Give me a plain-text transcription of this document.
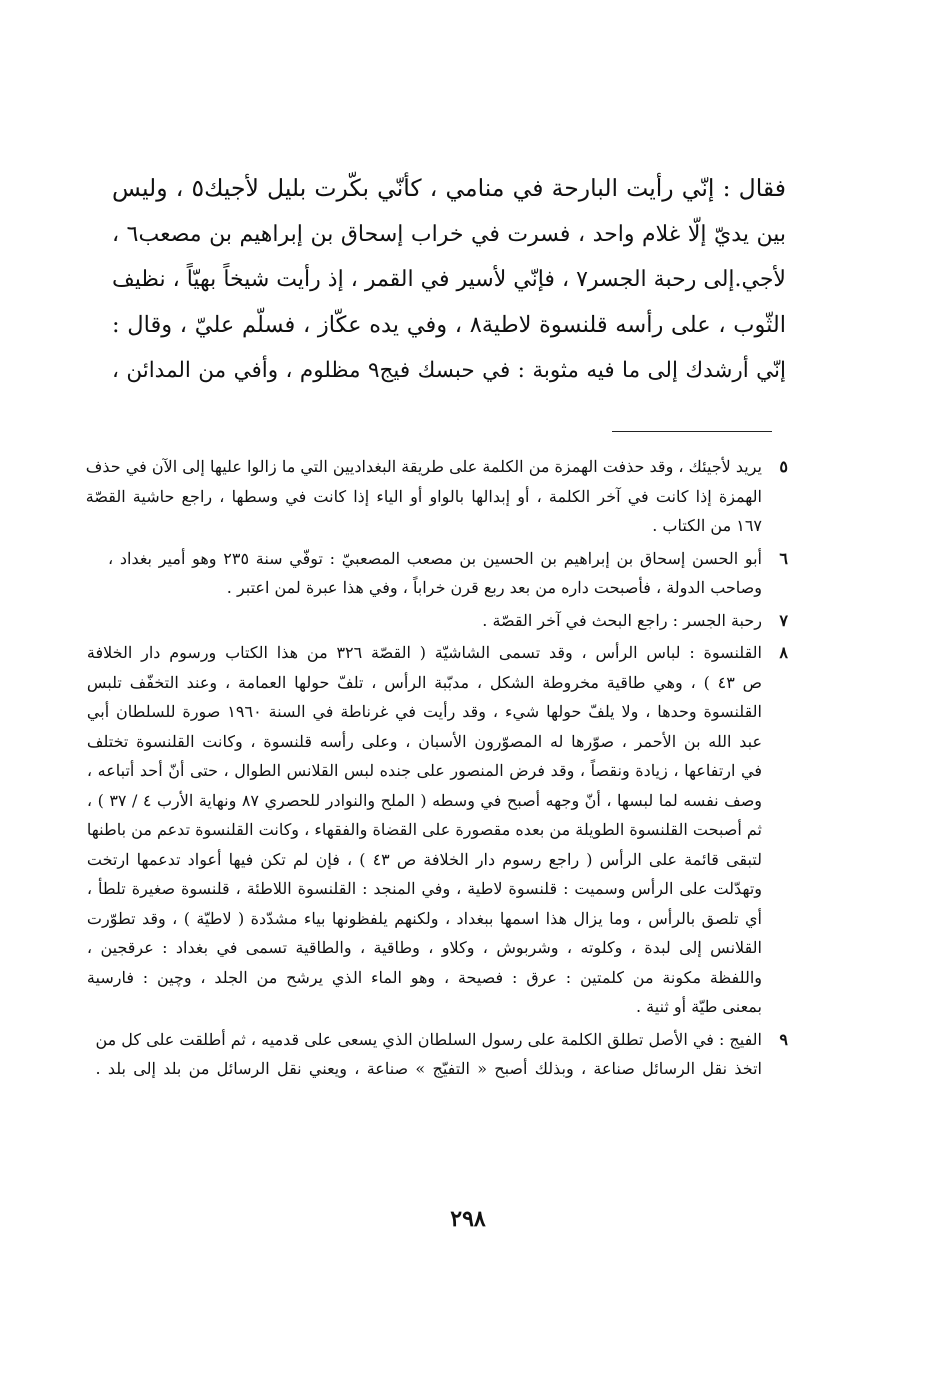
فقال : إنّي رأيت البارحة في منامي ، كأنّي بكّرت بليل لأجيك٥ ، وليس
بين يديّ إلّا غلام واحد ، فسرت في خراب إسحاق بن إبراهيم بن مصعب٦ ،
لأجي.إلى رحبة الجسر٧ ، فإنّي لأسير في القمر ، إذ رأيت شيخاً بهيّاً ، نظيف
الثّوب ، على رأسه قلنسوة لاطية٨ ، وفي يده عكّاز ، فسلّم عليّ ، وقال :
إنّي أرشدك إلى ما فيه مثوبة : في حبسك فيج٩ مظلوم ، وأفي من المدائن ،
٥
يريد لأجيئك ، وقد حذفت الهمزة من الكلمة على طريقة البغداديين التي ما زالوا عليها إلى الآن في حذف
الهمزة إذا كانت في آخر الكلمة ، أو إبدالها بالواو أو الياء إذا كانت في وسطها ، راجع حاشية القصّة
١٦٧ من الكتاب .
٦
أبو الحسن إسحاق بن إبراهيم بن الحسين بن مصعب المصعبيّ : توفّي سنة ٢٣٥ وهو أمير بغداد ،
وصاحب الدولة ، فأصبحت داره من بعد ربع قرن خراباً ، وفي هذا عبرة لمن اعتبر .
٧
رحبة الجسر : راجع البحث في آخر القصّة .
٨
القلنسوة : لباس الرأس ، وقد تسمى الشاشيّة ( القصّة ٣٢٦ من هذا الكتاب ورسوم دار الخلافة
ص ٤٣ ) ، وهي طاقية مخروطة الشكل ، مدبّبة الرأس ، تلفّ حولها العمامة ، وعند التخفّف تلبس
القلنسوة وحدها ، ولا يلفّ حولها شيء ، وقد رأيت في غرناطة في السنة ١٩٦٠ صورة للسلطان أبي
عبد الله بن الأحمر ، صوّرها له المصوّرون الأسبان ، وعلى رأسه قلنسوة ، وكانت القلنسوة تختلف
في ارتفاعها ، زيادة ونقصاً ، وقد فرض المنصور على جنده لبس القلانس الطوال ، حتى أنّ أحد أتباعه ،
وصف نفسه لما لبسها ، أنّ وجهه أصبح في وسطه ( الملح والنوادر للحصري ٨٧ ونهاية الأرب ٤ / ٣٧ ) ،
ثم أصبحت القلنسوة الطويلة من بعده مقصورة على القضاة والفقهاء ، وكانت القلنسوة تدعم من باطنها
لتبقى قائمة على الرأس ( راجع رسوم دار الخلافة ص ٤٣ ) ، فإن لم تكن فيها أعواد تدعمها ارتخت
وتهدّلت على الرأس وسميت : قلنسوة لاطية ، وفي المنجد : القلنسوة اللاطئة ، قلنسوة صغيرة تلطأ ،
أي تلصق بالرأس ، وما يزال هذا اسمها ببغداد ، ولكنهم يلفظونها بياء مشدّدة ( لاطيّة ) ، وقد تطوّرت
القلانس إلى لبدة ، وكلوته ، وشربوش ، وكلاو ، وطاقية ، والطاقية تسمى في بغداد : عرقجين ،
واللفظة مكونة من كلمتين : عرق : فصيحة ، وهو الماء الذي يرشح من الجلد ، وچين : فارسية
بمعنى طيّة أو ثنية .
٩
الفيج : في الأصل تطلق الكلمة على رسول السلطان الذي يسعى على قدميه ، ثم أطلقت على كل من
اتخذ نقل الرسائل صناعة ، وبذلك أصبح « التفيّج » صناعة ، ويعني نقل الرسائل من بلد إلى بلد .
٢٩٨
